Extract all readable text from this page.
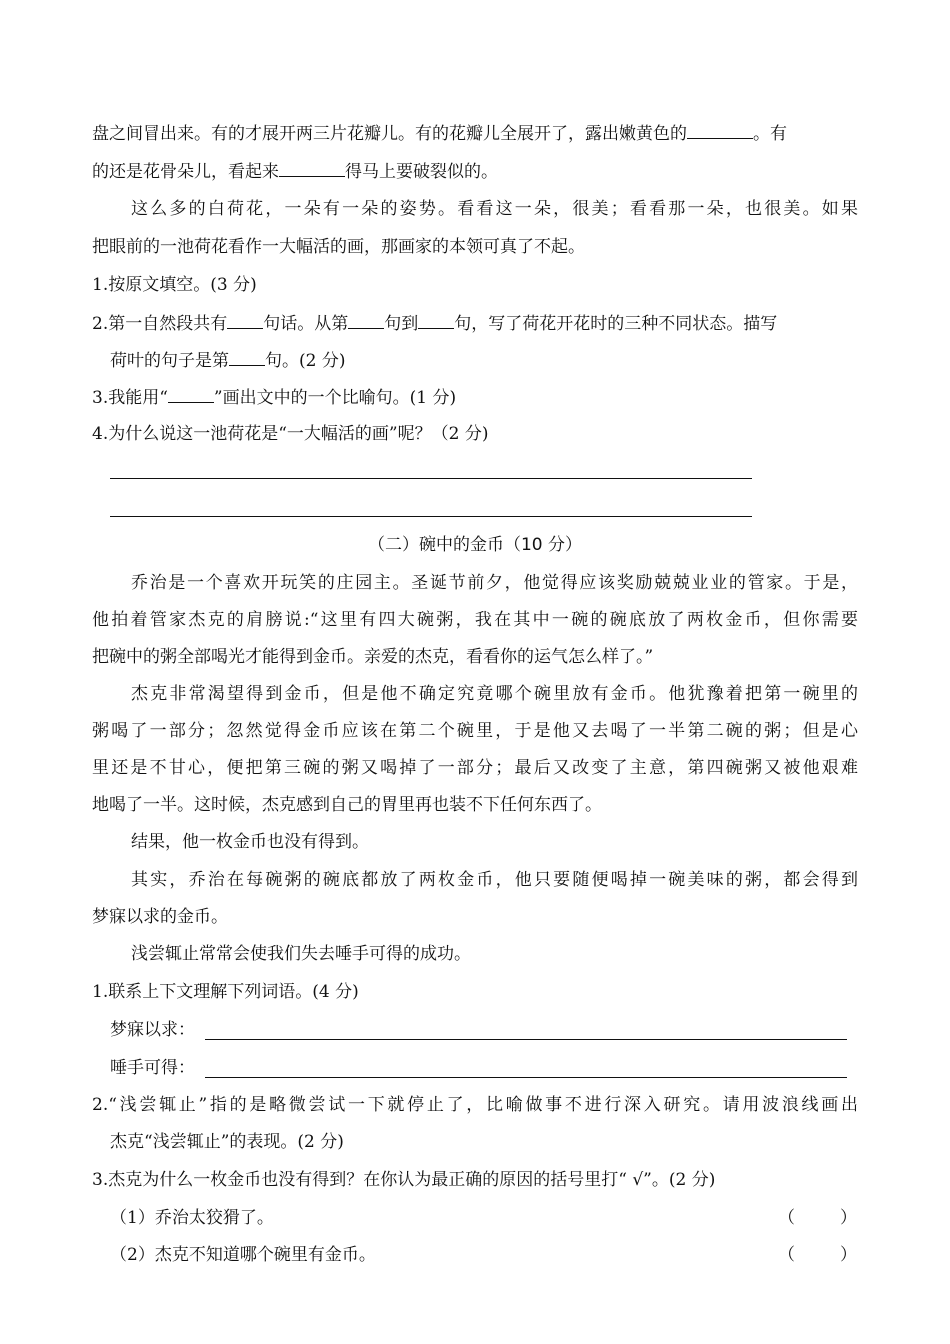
盘之间冒出来。有的才展开两三片花瓣儿。有的花瓣儿全展开了，露出嫩黄色的	。有
的还是花骨朵儿，看起来	得马上要破裂似的。
这么多的白荷花，一朵有一朵的姿势。看看这一朵，很美；看看那一朵，也很美。如果
把眼前的一池荷花看作一大幅活的画，那画家的本领可真了不起。
1.按原文填空。(3 分)
2.第一自然段共有 句话。从第 句到 句，写了荷花开花时的三种不同状态。描写
荷叶的句子是第 句。(2 分)
3.我能用“	”画出文中的一个比喻句。(1 分)
4.为什么说这一池荷花是“一大幅活的画”呢？（2 分)
（二）碗中的金币（10 分）
乔治是一个喜欢开玩笑的庄园主。圣诞节前夕，他觉得应该奖励兢兢业业的管家。于是，
他拍着管家杰克的肩膀说:“这里有四大碗粥，我在其中一碗的碗底放了两枚金币，但你需要
把碗中的粥全部喝光才能得到金币。亲爱的杰克，看看你的运气怎么样了。”
杰克非常渴望得到金币，但是他不确定究竟哪个碗里放有金币。他犹豫着把第一碗里的
粥喝了一部分；忽然觉得金币应该在第二个碗里，于是他又去喝了一半第二碗的粥；但是心
里还是不甘心，便把第三碗的粥又喝掉了一部分；最后又改变了主意，第四碗粥又被他艰难
地喝了一半。这时候，杰克感到自己的胃里再也装不下任何东西了。
结果，他一枚金币也没有得到。
其实，乔治在每碗粥的碗底都放了两枚金币，他只要随便喝掉一碗美味的粥，都会得到
梦寐以求的金币。
浅尝辄止常常会使我们失去唾手可得的成功。
1.联系上下文理解下列词语。(4 分)
梦寐以求：
唾手可得：
2.“浅尝辄止”指的是略微尝试一下就停止了，比喻做事不进行深入研究。请用波浪线画出
杰克“浅尝辄止”的表现。(2 分)
3.杰克为什么一枚金币也没有得到？在你认为最正确的原因的括号里打“ √”。(2 分)
（1）乔治太狡猾了。	（	）
（2）杰克不知道哪个碗里有金币。	（	）
